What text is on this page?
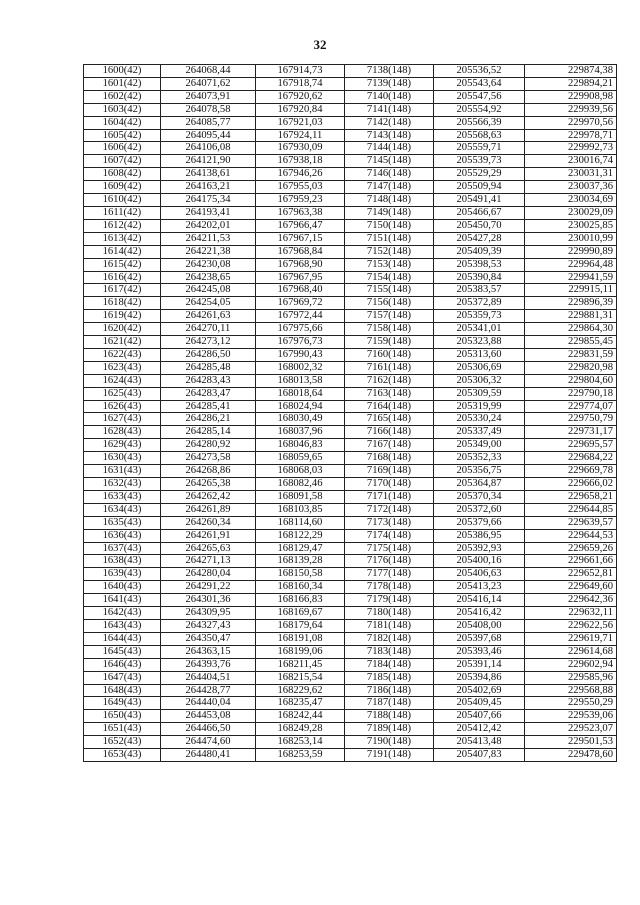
32
1600(42)	264068,44	167914,73	7138(148)	205536,52	229874,38
1601(42)	264071,62	167918,74	7139(148)	205543,64	229894,21
1602(42)	264073,91	167920,62	7140(148)	205547,56	229908,98
1603(42)	264078,58	167920,84	7141(148)	205554,92	229939,56
1604(42)	264085,77	167921,03	7142(148)	205566,39	229970,56
1605(42)	264095,44	167924,11	7143(148)	205568,63	229978,71
1606(42)	264106,08	167930,09	7144(148)	205559,71	229992,73
1607(42)	264121,90	167938,18	7145(148)	205539,73	230016,74
1608(42)	264138,61	167946,26	7146(148)	205529,29	230031,31
1609(42)	264163,21	167955,03	7147(148)	205509,94	230037,36
1610(42)	264175,34	167959,23	7148(148)	205491,41	230034,69
1611(42)	264193,41	167963,38	7149(148)	205466,67	230029,09
1612(42)	264202,01	167966,47	7150(148)	205450,70	230025,85
1613(42)	264211,53	167967,15	7151(148)	205427,28	230010,99
1614(42)	264221,38	167968,84	7152(148)	205409,39	229990,89
1615(42)	264230,08	167968,90	7153(148)	205398,53	229964,48
1616(42)	264238,65	167967,95	7154(148)	205390,84	229941,59
1617(42)	264245,08	167968,40	7155(148)	205383,57	229915,11
1618(42)	264254,05	167969,72	7156(148)	205372,89	229896,39
1619(42)	264261,63	167972,44	7157(148)	205359,73	229881,31
1620(42)	264270,11	167975,66	7158(148)	205341,01	229864,30
1621(42)	264273,12	167976,73	7159(148)	205323,88	229855,45
1622(43)	264286,50	167990,43	7160(148)	205313,60	229831,59
1623(43)	264285,48	168002,32	7161(148)	205306,69	229820,98
1624(43)	264283,43	168013,58	7162(148)	205306,32	229804,60
1625(43)	264283,47	168018,64	7163(148)	205309,59	229790,18
1626(43)	264285,41	168024,94	7164(148)	205319,99	229774,07
1627(43)	264286,21	168030,49	7165(148)	205330,24	229750,79
1628(43)	264285,14	168037,96	7166(148)	205337,49	229731,17
1629(43)	264280,92	168046,83	7167(148)	205349,00	229695,57
1630(43)	264273,58	168059,65	7168(148)	205352,33	229684,22
1631(43)	264268,86	168068,03	7169(148)	205356,75	229669,78
1632(43)	264265,38	168082,46	7170(148)	205364,87	229666,02
1633(43)	264262,42	168091,58	7171(148)	205370,34	229658,21
1634(43)	264261,89	168103,85	7172(148)	205372,60	229644,85
1635(43)	264260,34	168114,60	7173(148)	205379,66	229639,57
1636(43)	264261,91	168122,29	7174(148)	205386,95	229644,53
1637(43)	264265,63	168129,47	7175(148)	205392,93	229659,26
1638(43)	264271,13	168139,28	7176(148)	205400,16	229661,66
1639(43)	264280,04	168150,58	7177(148)	205406,63	229652,81
1640(43)	264291,22	168160,34	7178(148)	205413,23	229649,60
1641(43)	264301,36	168166,83	7179(148)	205416,14	229642,36
1642(43)	264309,95	168169,67	7180(148)	205416,42	229632,11
1643(43)	264327,43	168179,64	7181(148)	205408,00	229622,56
1644(43)	264350,47	168191,08	7182(148)	205397,68	229619,71
1645(43)	264363,15	168199,06	7183(148)	205393,46	229614,68
1646(43)	264393,76	168211,45	7184(148)	205391,14	229602,94
1647(43)	264404,51	168215,54	7185(148)	205394,86	229585,96
1648(43)	264428,77	168229,62	7186(148)	205402,69	229568,88
1649(43)	264440,04	168235,47	7187(148)	205409,45	229550,29
1650(43)	264453,08	168242,44	7188(148)	205407,66	229539,06
1651(43)	264466,50	168249,28	7189(148)	205412,42	229523,07
1652(43)	264474,60	168253,14	7190(148)	205413,48	229501,53
1653(43)	264480,41	168253,59	7191(148)	205407,83	229478,60
